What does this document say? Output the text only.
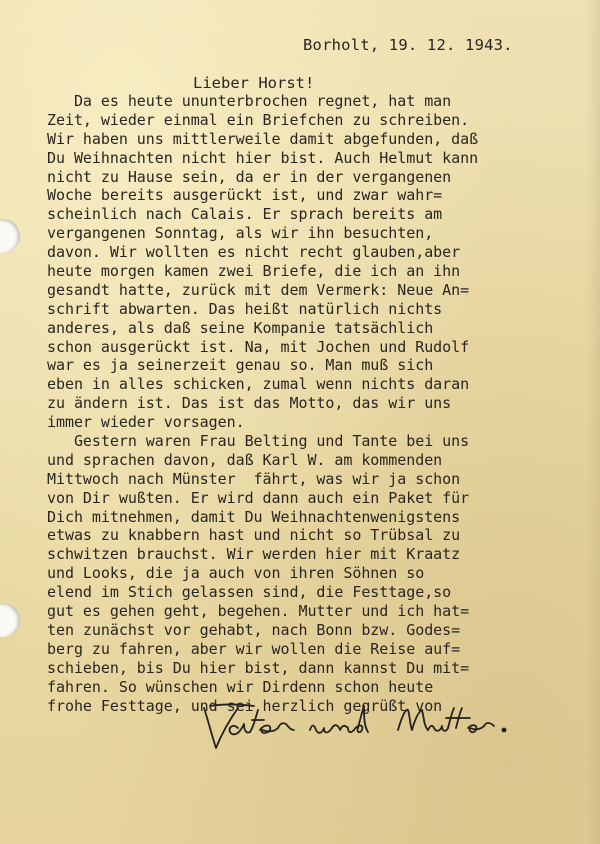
Borholt, 19. 12. 1943.
Lieber Horst!
Da es heute ununterbrochen regnet, hat man
Zeit, wieder einmal ein Briefchen zu schreiben.
Wir haben uns mittlerweile damit abgefunden, daß
Du Weihnachten nicht hier bist. Auch Helmut kann
nicht zu Hause sein, da er in der vergangenen
Woche bereits ausgerückt ist, und zwar wahr=
scheinlich nach Calais. Er sprach bereits am
vergangenen Sonntag, als wir ihn besuchten,
davon. Wir wollten es nicht recht glauben,aber
heute morgen kamen zwei Briefe, die ich an ihn
gesandt hatte, zurück mit dem Vermerk: Neue An=
schrift abwarten. Das heißt natürlich nichts
anderes, als daß seine Kompanie tatsächlich
schon ausgerückt ist. Na, mit Jochen und Rudolf
war es ja seinerzeit genau so. Man muß sich
eben in alles schicken, zumal wenn nichts daran
zu ändern ist. Das ist das Motto, das wir uns
immer wieder vorsagen.
Gestern waren Frau Belting und Tante bei uns
und sprachen davon, daß Karl W. am kommenden
Mittwoch nach Münster  fährt, was wir ja schon
von Dir wußten. Er wird dann auch ein Paket für
Dich mitnehmen, damit Du Weihnachtenwenigstens
etwas zu knabbern hast und nicht so Trübsal zu
schwitzen brauchst. Wir werden hier mit Kraatz
und Looks, die ja auch von ihren Söhnen so
elend im Stich gelassen sind, die Festtage,so
gut es gehen geht, begehen. Mutter und ich hat=
ten zunächst vor gehabt, nach Bonn bzw. Godes=
berg zu fahren, aber wir wollen die Reise auf=
schieben, bis Du hier bist, dann kannst Du mit=
fahren. So wünschen wir Dirdenn schon heute
frohe Festtage, und sei herzlich gegrüßt von
